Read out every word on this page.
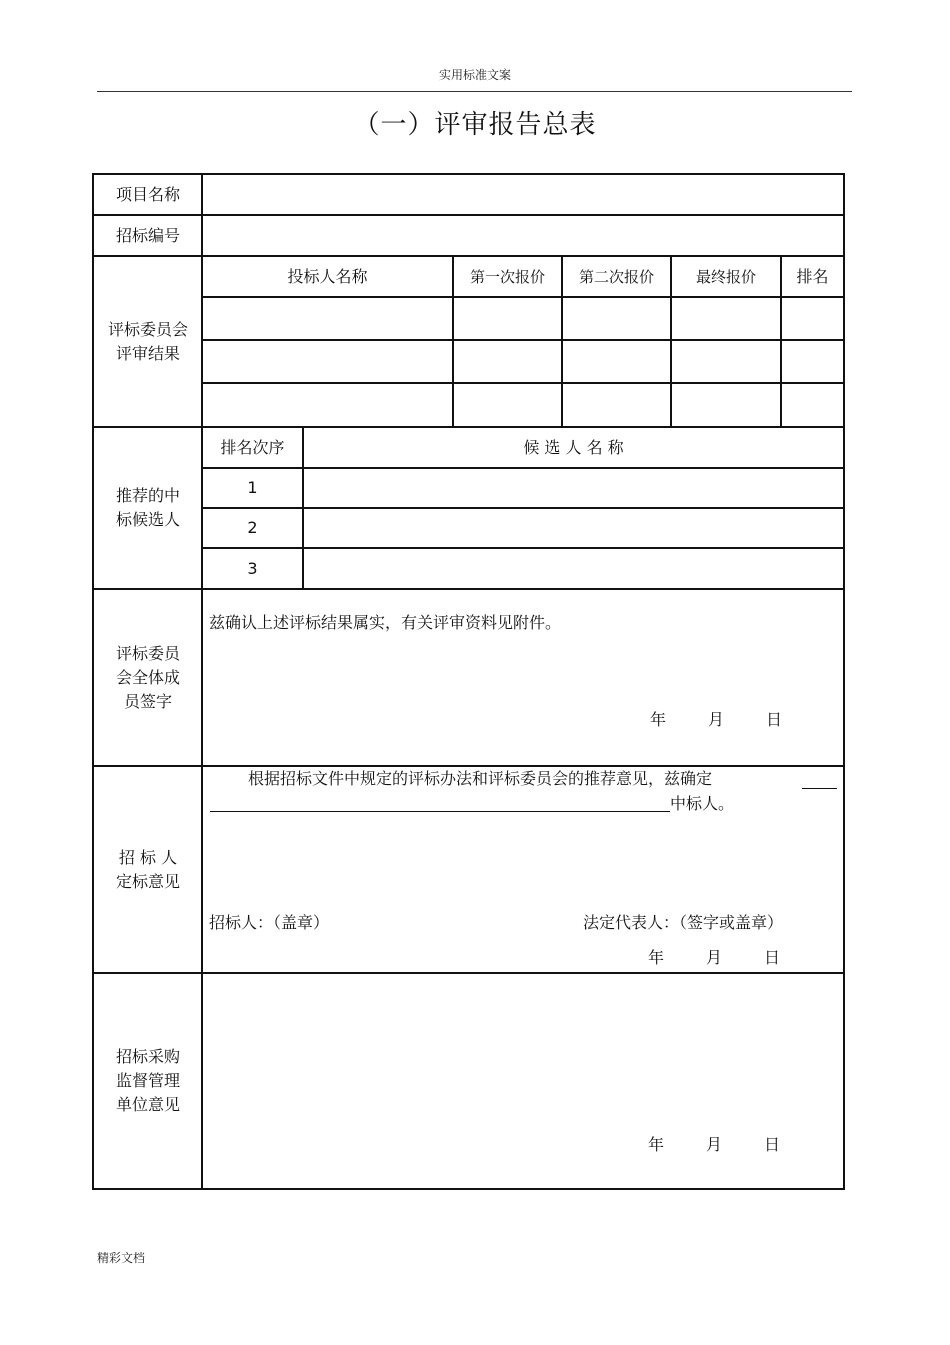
实用标准文案
（一）评审报告总表
项目名称
招标编号
评标委员会
评审结果
投标人名称	第一次报价	第二次报价	最终报价	排名
推荐的中
标候选人
排名次序	候 选 人 名 称
1
2
3
评标委员
会全体成
员签字
兹确认上述评标结果属实，有关评审资料见附件。
年	月	日
招 标 人
定标意见
根据招标文件中规定的评标办法和评标委员会的推荐意见，兹确定
中标人。
招标人：（盖章）	法定代表人：（签字或盖章）
年	月	日
招标采购
监督管理
单位意见
年	月	日
精彩文档
